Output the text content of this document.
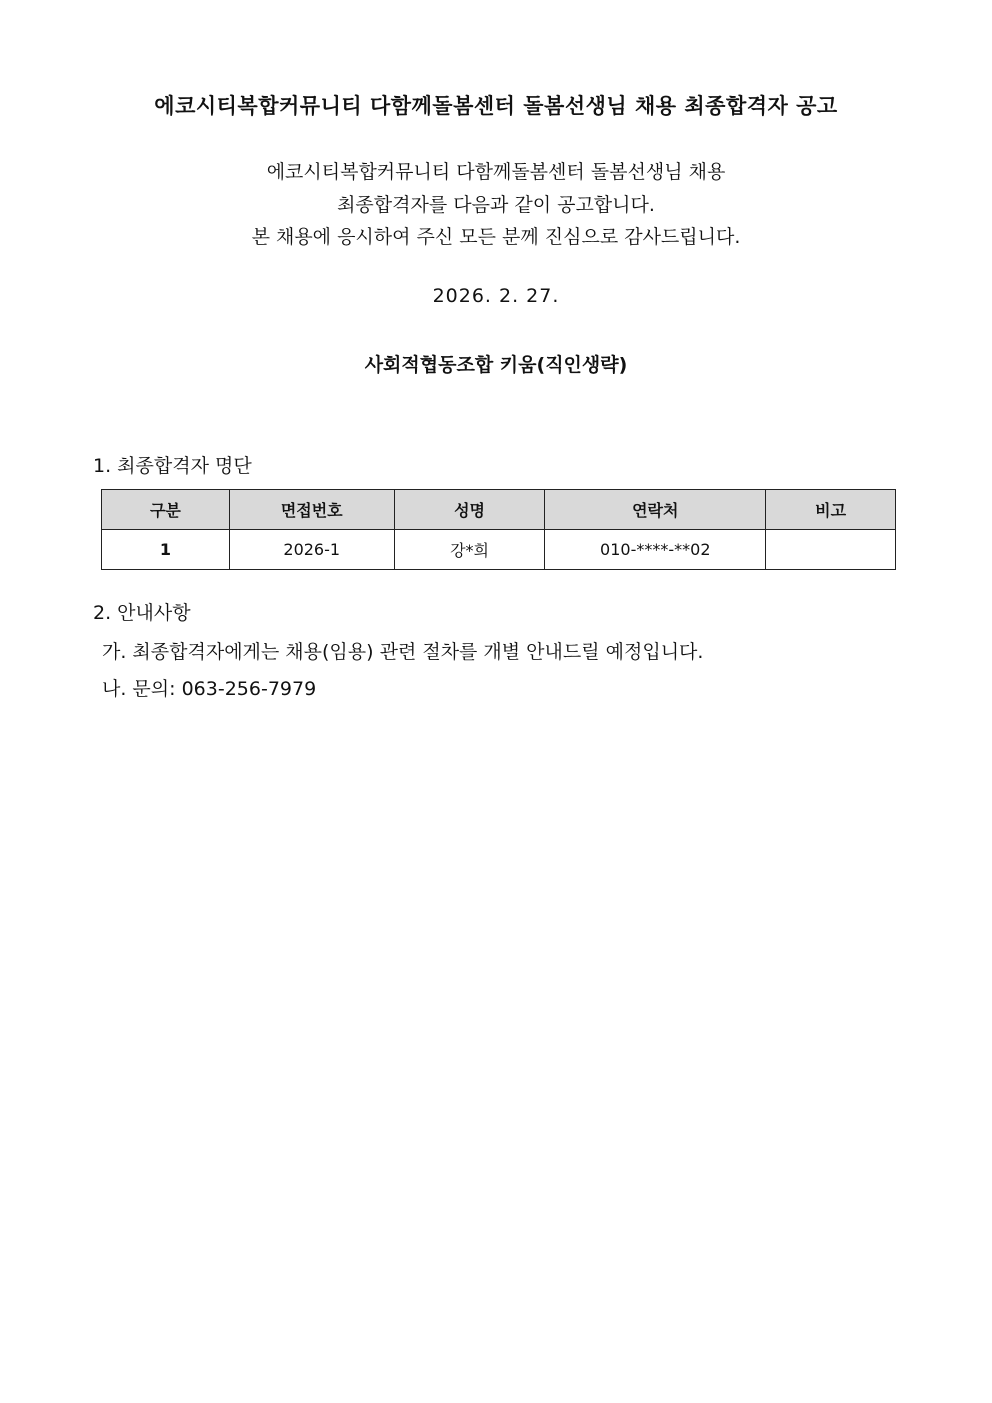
에코시티복합커뮤니티 다함께돌봄센터 돌봄선생님 채용 최종합격자 공고
에코시티복합커뮤니티 다함께돌봄센터 돌봄선생님 채용
최종합격자를 다음과 같이 공고합니다.
본 채용에 응시하여 주신 모든 분께 진심으로 감사드립니다.
2026. 2. 27.
사회적협동조합 키움(직인생략)
1. 최종합격자 명단
구분	면접번호	성명	연락처	비고
1	2026-1	강*희	010-****-**02	
2. 안내사항
가. 최종합격자에게는 채용(임용) 관련 절차를 개별 안내드릴 예정입니다.
나. 문의: 063-256-7979
